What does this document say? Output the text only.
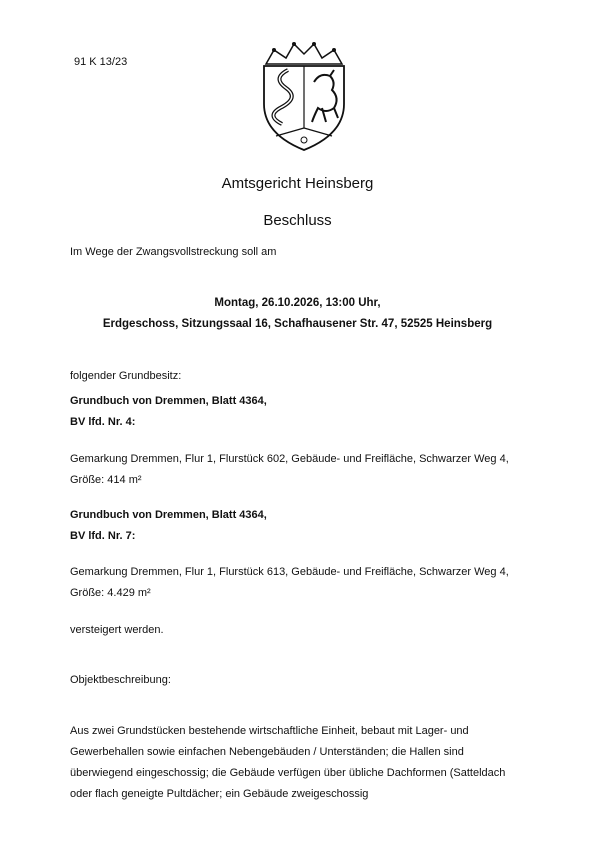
91 K 13/23
Amtsgericht Heinsberg
Beschluss
Im Wege der Zwangsvollstreckung soll am
Montag, 26.10.2026, 13:00 Uhr,
Erdgeschoss, Sitzungssaal 16, Schafhausener Str. 47, 52525 Heinsberg
folgender Grundbesitz:
Grundbuch von Dremmen, Blatt 4364,
BV lfd. Nr. 4:
Gemarkung Dremmen, Flur 1, Flurstück 602, Gebäude- und Freifläche, Schwarzer Weg 4, Größe: 414 m²
Grundbuch von Dremmen, Blatt 4364,
BV lfd. Nr. 7:
Gemarkung Dremmen, Flur 1, Flurstück 613, Gebäude- und Freifläche, Schwarzer Weg 4, Größe: 4.429 m²
versteigert werden.
Objektbeschreibung:
Aus zwei Grundstücken bestehende wirtschaftliche Einheit, bebaut mit Lager- und Gewerbehallen sowie einfachen Nebengebäuden / Unterständen; die Hallen sind überwiegend eingeschossig; die Gebäude verfügen über übliche Dachformen (Satteldach oder flach geneigte Pultdächer; ein Gebäude zweigeschossig
